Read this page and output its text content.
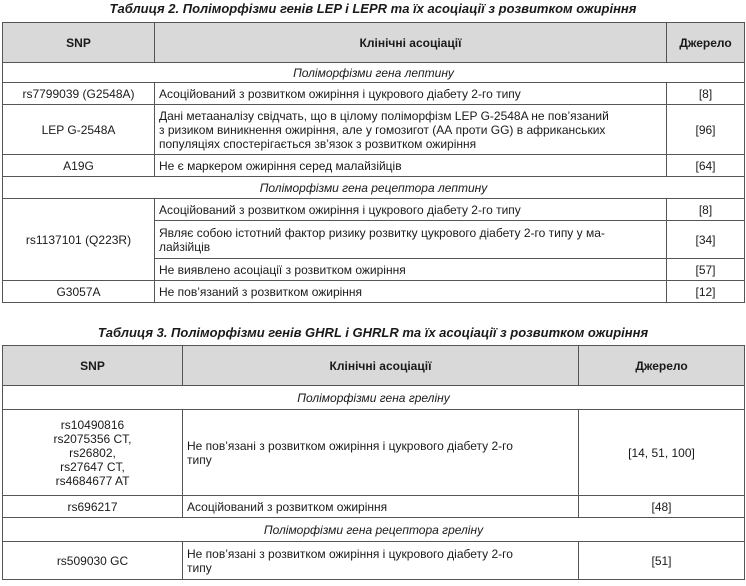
Таблиця 2. Поліморфізми генів LEP і LEPR та їх асоціації з розвитком ожиріння
SNP	Клінічні асоціації	Джерело
Поліморфізми гена лептину		
rs7799039 (G2548A)	Асоційований з розвитком ожиріння і цукрового діабету 2-го типу	[8]
LEP G-2548A	Дані метааналізу свідчать, що в цілому поліморфізм LEP G-2548A не пов’язаний
з ризиком виникнення ожиріння, але у гомозигот (АА проти GG) в африканських
популяціях спостерігається зв’язок з розвитком ожиріння	[96]
A19G	Не є маркером ожиріння серед малайзійців	[64]
Поліморфізми гена рецептора лептину		
rs1137101 (Q223R)	Асоційований з розвитком ожиріння і цукрового діабету 2-го типу	[8]

	Являє собою істотний фактор ризику розвитку цукрового діабету 2-го типу у ма-
лайзійців	[34]
	Не виявлено асоціації з розвитком ожиріння	[57]
G3057A	Не пов’язаний з розвитком ожиріння	[12]
Таблиця 3. Поліморфізми генів GHRL і GHRLR та їх асоціації з розвитком ожиріння
SNP	Клінічні асоціації	Джерело
Поліморфізми гена греліну		

rs10490816
rs2075356 CT,
rs26802,
rs27647 CT,
rs4684677 AT	Не пов’язані з розвитком ожиріння і цукрового діабету 2-го
типу	[14, 51, 100]
rs696217	Асоційований з розвитком ожиріння	[48]
Поліморфізми гена рецептора греліну		
rs509030 GC	Не пов’язані з розвитком ожиріння і цукрового діабету 2-го
типу	[51]
